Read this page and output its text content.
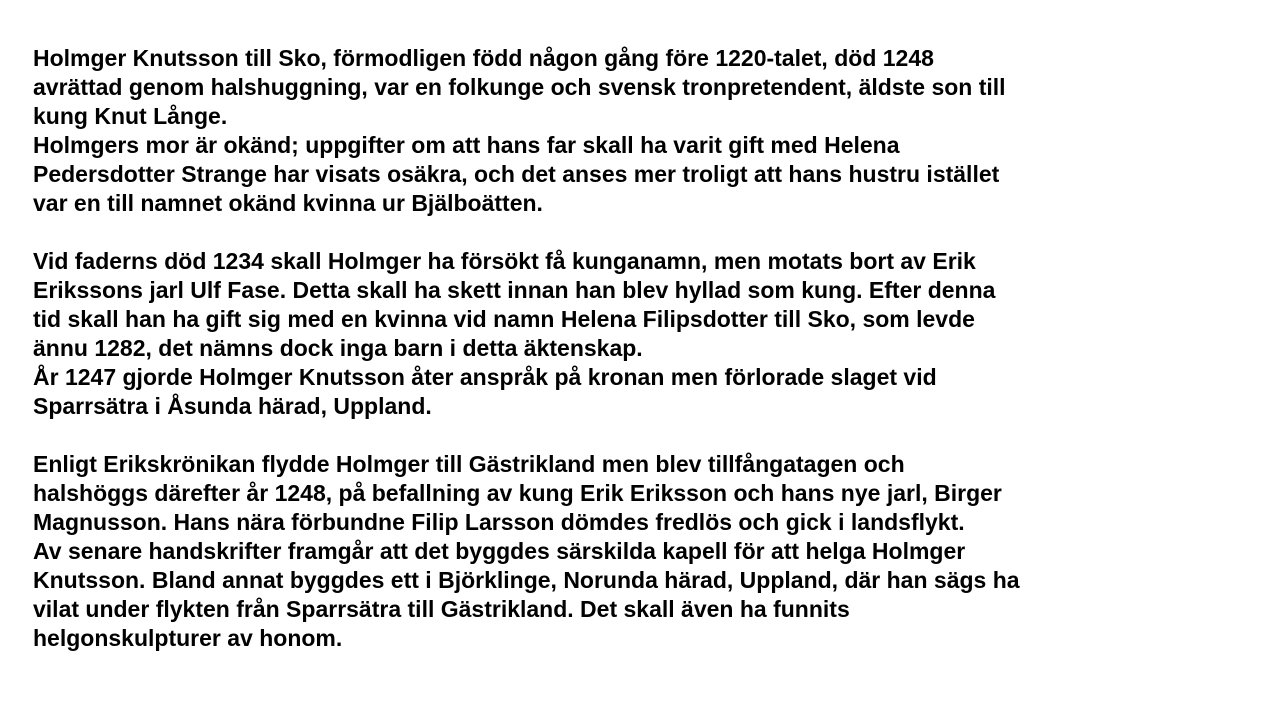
Holmger Knutsson till Sko, förmodligen född någon gång före 1220-talet, död 1248

avrättad genom halshuggning, var en folkunge och svensk tronpretendent, äldste son till

kung Knut Långe.

Holmgers mor är okänd; uppgifter om att hans far skall ha varit gift med Helena

Pedersdotter Strange har visats osäkra, och det anses mer troligt att hans hustru istället

var en till namnet okänd kvinna ur Bjälboätten.

Vid faderns död 1234 skall Holmger ha försökt få kunganamn, men motats bort av Erik

Erikssons jarl Ulf Fase. Detta skall ha skett innan han blev hyllad som kung. Efter denna

tid skall han ha gift sig med en kvinna vid namn Helena Filipsdotter till Sko, som levde

ännu 1282, det nämns dock inga barn i detta äktenskap.

År 1247 gjorde Holmger Knutsson åter anspråk på kronan men förlorade slaget vid

Sparrsätra i Åsunda härad, Uppland.

Enligt Erikskrönikan flydde Holmger till Gästrikland men blev tillfångatagen och

halshöggs därefter år 1248, på befallning av kung Erik Eriksson och hans nye jarl, Birger

Magnusson. Hans nära förbundne Filip Larsson dömdes fredlös och gick i landsflykt.

Av senare handskrifter framgår att det byggdes särskilda kapell för att helga Holmger

Knutsson. Bland annat byggdes ett i Björklinge, Norunda härad, Uppland, där han sägs ha

vilat under flykten från Sparrsätra till Gästrikland. Det skall även ha funnits

helgonskulpturer av honom.
